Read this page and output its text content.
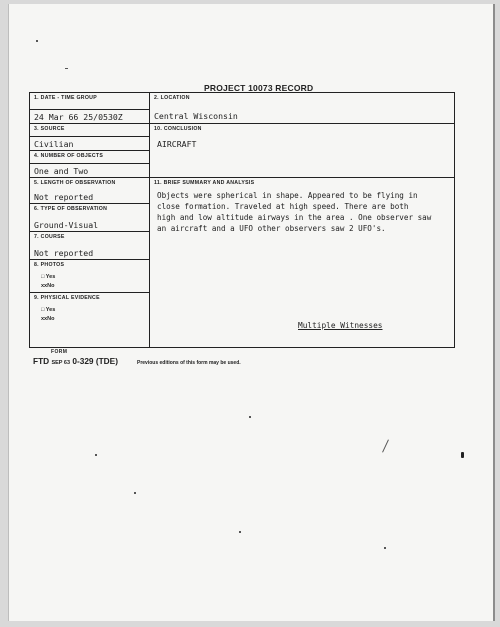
PROJECT 10073 RECORD
1. DATE - TIME GROUP
24 Mar 66 25/0530Z
3. SOURCE
Civilian
4. NUMBER OF OBJECTS
One and Two
5. LENGTH OF OBSERVATION
Not reported
6. TYPE OF OBSERVATION
Ground-Visual
7. COURSE
Not reported
8. PHOTOS
□ Yes
xxNo
9. PHYSICAL EVIDENCE
□ Yes
xxNo
2. LOCATION
Central Wisconsin
10. CONCLUSION
AIRCRAFT
11. BRIEF SUMMARY AND ANALYSIS
Objects were spherical in shape. Appeared to be flying in
close formation. Traveled at high speed. There are both
high and low altitude airways in the area . One observer saw
an aircraft and a UFO other observers saw 2 UFO's.
Multiple Witnesses
FORM
FTD SEP 63 0-329 (TDE)	Previous editions of this form may be used.
